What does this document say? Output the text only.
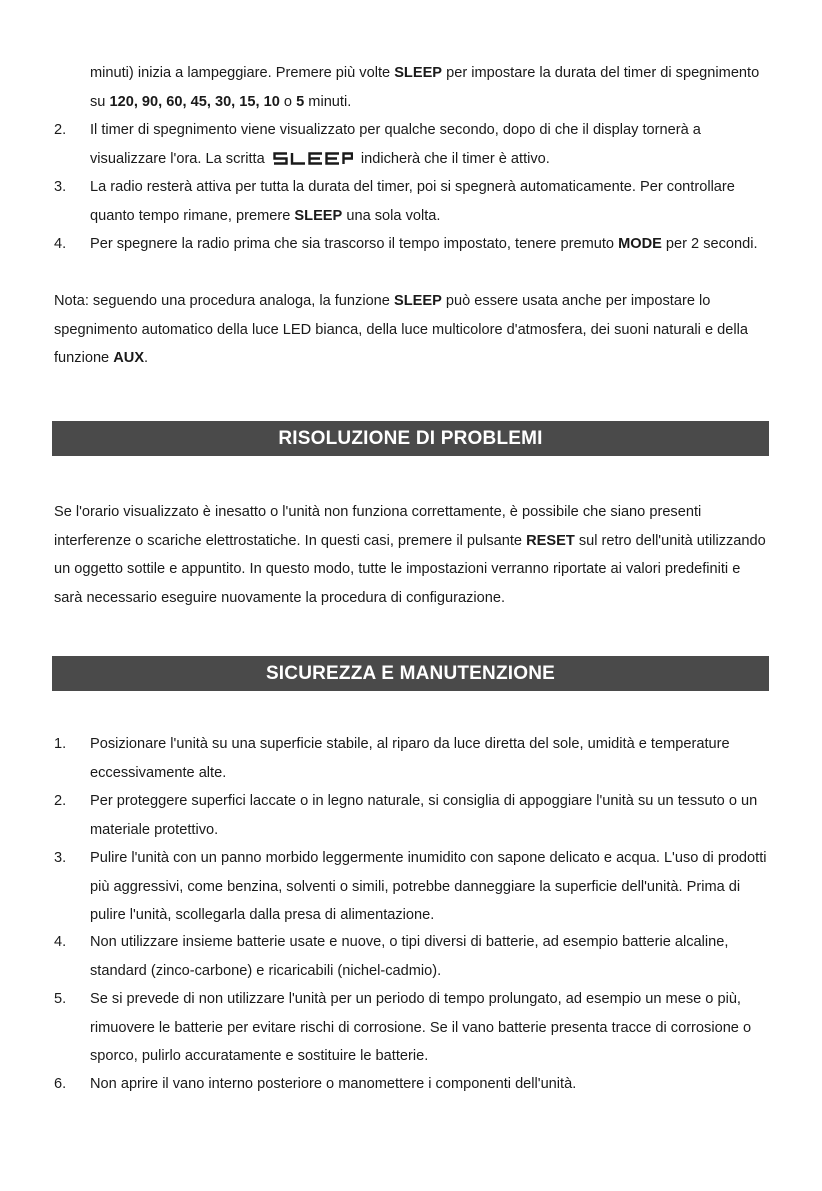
minuti) inizia a lampeggiare. Premere più volte SLEEP per impostare la durata del timer di spegnimento su 120, 90, 60, 45, 30, 15, 10 o 5 minuti.
2.	Il timer di spegnimento viene visualizzato per qualche secondo, dopo di che il display tornerà a visualizzare l'ora. La scritta	indicherà che il timer è attivo.
3.	La radio resterà attiva per tutta la durata del timer, poi si spegnerà automaticamente. Per controllare quanto tempo rimane, premere SLEEP una sola volta.
4.	Per spegnere la radio prima che sia trascorso il tempo impostato, tenere premuto MODE per 2 secondi.

Nota: seguendo una procedura analoga, la funzione SLEEP può essere usata anche per impostare lo spegnimento automatico della luce LED bianca, della luce multicolore d'atmosfera, dei suoni naturali e della funzione AUX.

RISOLUZIONE DI PROBLEMI

Se l'orario visualizzato è inesatto o l'unità non funziona correttamente, è possibile che siano presenti interferenze o scariche elettrostatiche. In questi casi, premere il pulsante RESET sul retro dell'unità utilizzando un oggetto sottile e appuntito. In questo modo, tutte le impostazioni verranno riportate ai valori predefiniti e sarà necessario eseguire nuovamente la procedura di configurazione.

SICUREZZA E MANUTENZIONE
1.	Posizionare l'unità su una superficie stabile, al riparo da luce diretta del sole, umidità e temperature eccessivamente alte.
2.	Per proteggere superfici laccate o in legno naturale, si consiglia di appoggiare l'unità su un tessuto o un materiale protettivo.
3.	Pulire l'unità con un panno morbido leggermente inumidito con sapone delicato e acqua. L'uso di prodotti più aggressivi, come benzina, solventi o simili, potrebbe danneggiare la superficie dell'unità. Prima di pulire l'unità, scollegarla dalla presa di alimentazione.
4.	Non utilizzare insieme batterie usate e nuove, o tipi diversi di batterie, ad esempio batterie alcaline, standard (zinco-carbone) e ricaricabili (nichel-cadmio).
5.	Se si prevede di non utilizzare l'unità per un periodo di tempo prolungato, ad esempio un mese o più, rimuovere le batterie per evitare rischi di corrosione. Se il vano batterie presenta tracce di corrosione o sporco, pulirlo accuratamente e sostituire le batterie.
6.	Non aprire il vano interno posteriore o manomettere i componenti dell'unità.
